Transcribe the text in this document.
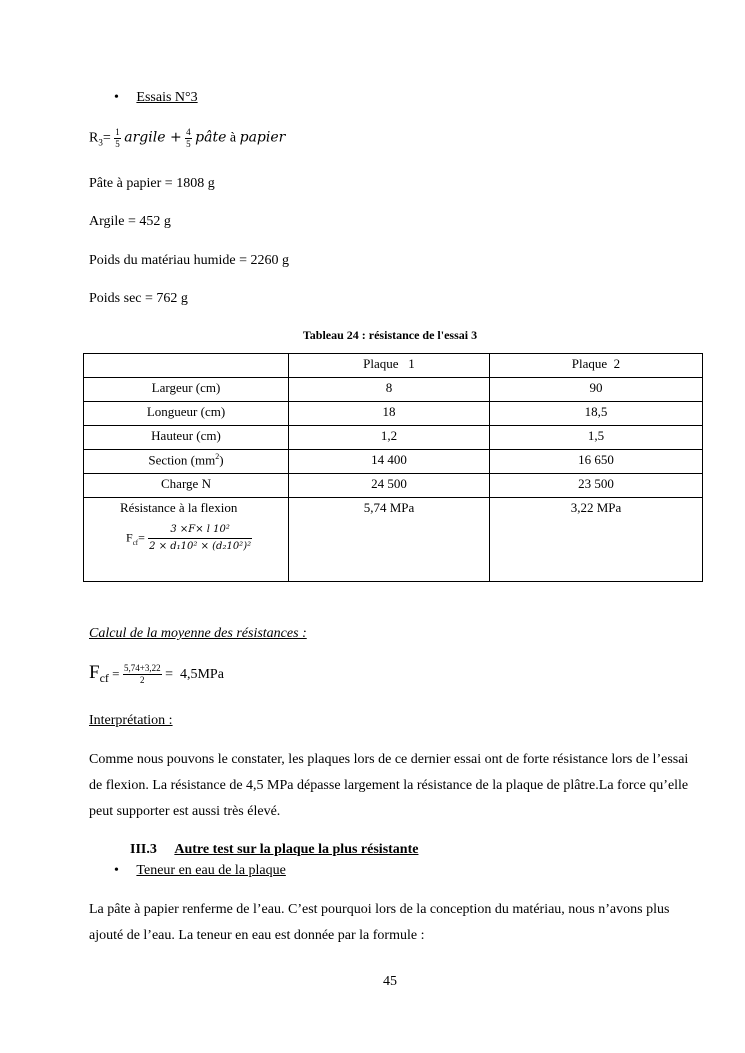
• Essais N°3
$R_3= \frac{1}{5}$ argile + $\frac{4}{5}$ pâte à papier
Pâte à papier = 1808 g
Argile = 452 g
Poids du matériau humide = 2260 g
Poids sec = 762 g
Tableau 24 : résistance de l'essai 3
	Plaque   1	Plaque  2
Largeur (cm)	8	90
Longueur (cm)	18	18,5
Hauteur (cm)	1,2	1,5
Section $(mm^2)$	14 400	16 650
Charge N	24 500	23 500

Résistance à la flexion
$F_{cf}= \frac{\text{3 ×F× l 10²}}{\text{2 × d₁10² × (d₂10²)²}}$	5,74 MPa	3,22 MPa
Calcul de la moyenne des résistances :
$F_{cf} = \frac{5,74+3,22}{2} = 4,5MPa$
Interprétation :
Comme nous pouvons le constater, les plaques lors de ce dernier essai ont de forte résistance lors de l’essai de flexion. La résistance de 4,5 MPa dépasse largement la résistance de la plaque de plâtre.La force qu’elle peut supporter est aussi très élevé.
III.3 Autre test sur la plaque la plus résistante
• Teneur en eau de la plaque
La pâte à papier renferme de l’eau. C’est pourquoi lors de la conception du matériau, nous n’avons plus ajouté de l’eau. La teneur en eau est donnée par la formule :
45
